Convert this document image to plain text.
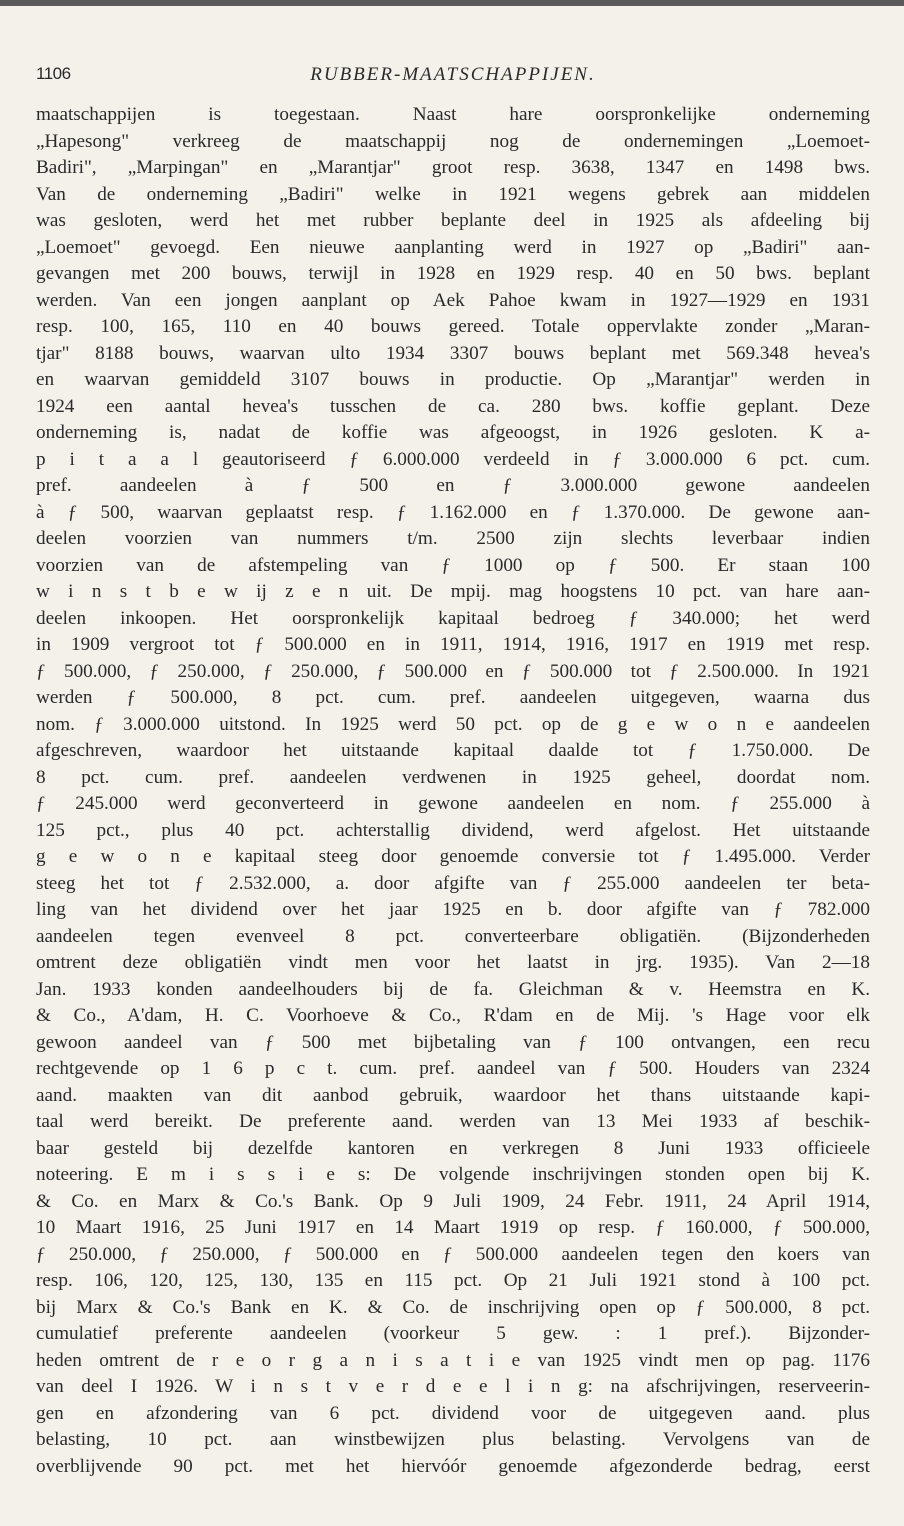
1106	RUBBER-MAATSCHAPPIJEN.
maatschappijen is toegestaan. Naast hare oorspronkelijke onderneming
„Hapesong" verkreeg de maatschappij nog de ondernemingen „Loemoet-
Badiri", „Marpingan" en „Marantjar" groot resp. 3638, 1347 en 1498 bws.
Van de onderneming „Badiri" welke in 1921 wegens gebrek aan middelen
was gesloten, werd het met rubber beplante deel in 1925 als afdeeling bij
„Loemoet" gevoegd. Een nieuwe aanplanting werd in 1927 op „Badiri" aan-
gevangen met 200 bouws, terwijl in 1928 en 1929 resp. 40 en 50 bws. beplant
werden. Van een jongen aanplant op Aek Pahoe kwam in 1927—1929 en 1931
resp. 100, 165, 110 en 40 bouws gereed. Totale oppervlakte zonder „Maran-
tjar" 8188 bouws, waarvan ulto 1934 3307 bouws beplant met 569.348 hevea's
en waarvan gemiddeld 3107 bouws in productie. Op „Marantjar" werden in
1924 een aantal hevea's tusschen de ca. 280 bws. koffie geplant. Deze
onderneming is, nadat de koffie was afgeoogst, in 1926 gesloten. K a-
p i t a a l geautoriseerd ƒ 6.000.000 verdeeld in ƒ 3.000.000 6 pct. cum.
pref. aandeelen à ƒ 500 en ƒ 3.000.000 gewone aandeelen
à ƒ 500, waarvan geplaatst resp. ƒ 1.162.000 en ƒ 1.370.000. De gewone aan-
deelen voorzien van nummers t/m. 2500 zijn slechts leverbaar indien
voorzien van de afstempeling van ƒ 1000 op ƒ 500. Er staan 100
w i n s t b e w ij z e n uit. De mpij. mag hoogstens 10 pct. van hare aan-
deelen inkoopen. Het oorspronkelijk kapitaal bedroeg ƒ 340.000; het werd
in 1909 vergroot tot ƒ 500.000 en in 1911, 1914, 1916, 1917 en 1919 met resp.
ƒ 500.000, ƒ 250.000, ƒ 250.000, ƒ 500.000 en ƒ 500.000 tot ƒ 2.500.000. In 1921
werden ƒ 500.000, 8 pct. cum. pref. aandeelen uitgegeven, waarna dus
nom. ƒ 3.000.000 uitstond. In 1925 werd 50 pct. op de g e w o n e aandeelen
afgeschreven, waardoor het uitstaande kapitaal daalde tot ƒ 1.750.000. De
8 pct. cum. pref. aandeelen verdwenen in 1925 geheel, doordat nom.
ƒ 245.000 werd geconverteerd in gewone aandeelen en nom. ƒ 255.000 à
125 pct., plus 40 pct. achterstallig dividend, werd afgelost. Het uitstaande
g e w o n e kapitaal steeg door genoemde conversie tot ƒ 1.495.000. Verder
steeg het tot ƒ 2.532.000, a. door afgifte van ƒ 255.000 aandeelen ter beta-
ling van het dividend over het jaar 1925 en b. door afgifte van ƒ 782.000
aandeelen tegen evenveel 8 pct. converteerbare obligatiën. (Bijzonderheden
omtrent deze obligatiën vindt men voor het laatst in jrg. 1935). Van 2—18
Jan. 1933 konden aandeelhouders bij de fa. Gleichman & v. Heemstra en K.
& Co., A'dam, H. C. Voorhoeve & Co., R'dam en de Mij. 's Hage voor elk
gewoon aandeel van ƒ 500 met bijbetaling van ƒ 100 ontvangen, een recu
rechtgevende op 1 6 p c t. cum. pref. aandeel van ƒ 500. Houders van 2324
aand. maakten van dit aanbod gebruik, waardoor het thans uitstaande kapi-
taal werd bereikt. De preferente aand. werden van 13 Mei 1933 af beschik-
baar gesteld bij dezelfde kantoren en verkregen 8 Juni 1933 officieele
noteering. E m i s s i e s: De volgende inschrijvingen stonden open bij K.
& Co. en Marx & Co.'s Bank. Op 9 Juli 1909, 24 Febr. 1911, 24 April 1914,
10 Maart 1916, 25 Juni 1917 en 14 Maart 1919 op resp. ƒ 160.000, ƒ 500.000,
ƒ 250.000, ƒ 250.000, ƒ 500.000 en ƒ 500.000 aandeelen tegen den koers van
resp. 106, 120, 125, 130, 135 en 115 pct. Op 21 Juli 1921 stond à 100 pct.
bij Marx & Co.'s Bank en K. & Co. de inschrijving open op ƒ 500.000, 8 pct.
cumulatief preferente aandeelen (voorkeur 5 gew. : 1 pref.). Bijzonder-
heden omtrent de r e o r g a n i s a t i e van 1925 vindt men op pag. 1176
van deel I 1926. W i n s t v e r d e e l i n g: na afschrijvingen, reserveerin-
gen en afzondering van 6 pct. dividend voor de uitgegeven aand. plus
belasting, 10 pct. aan winstbewijzen plus belasting. Vervolgens van de
overblijvende 90 pct. met het hiervóór genoemde afgezonderde bedrag, eerst
